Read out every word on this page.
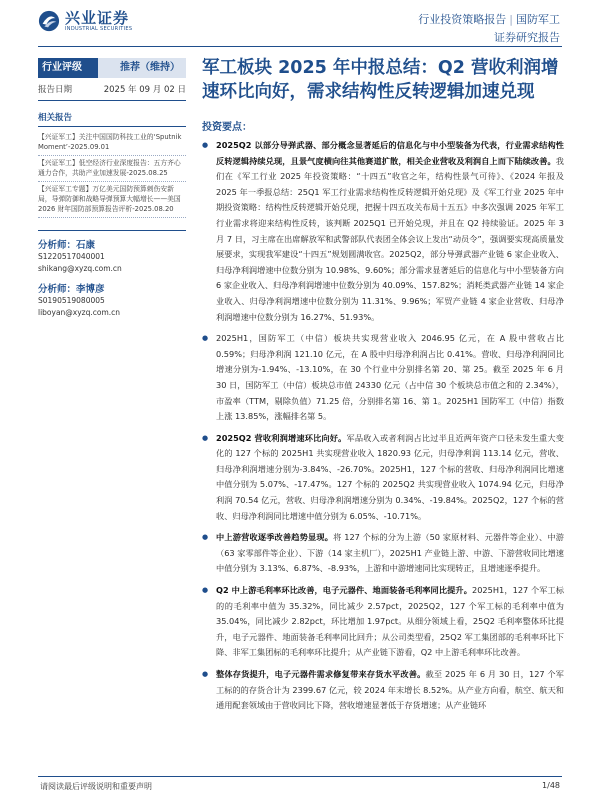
兴业证券
INDUSTRIAL SECURITIES
行业投资策略报告 | 国防军工
证券研究报告
行业评级	推荐（维持）
报告日期	2025 年 09 月 02 日
相关报告
【兴证军工】关注中国国防科技工业的‘Sputnik Moment’-2025.09.01
【兴证军工】低空经济行业深度报告：五方齐心通力合作，共助产业加速发展-2025.08.25
【兴证军工专题】万亿美元国防预算刺伤安新局，导弹防御和战略导弹预算大幅增长——美国 2026 财年国防部预算报告评析-2025.08.20
分析师：石康
S1220517040001
shikang@xyzq.com.cn
分析师：李博彦
S0190519080005
liboyan@xyzq.com.cn
军工板块 2025 年中报总结：Q2 营收利润增速环比向好，需求结构性反转逻辑加速兑现
投资要点：
● 2025Q2 以部分导弹武器、部分概念显著延后的信息化与中小型装备为代表，行业需求结构性反转逻辑持续兑现，且景气度横向往其他赛道扩散，相关企业营收及利润自上而下陆续改善。我们在《军工行业 2025 年投资策略：“十四五”收官之年，结构性景气可待》、《2024 年报及 2025 年一季报总结：25Q1 军工行业需求结构性反转逻辑开始兑现》及《军工行业 2025 年中期投资策略：结构性反转逻辑开始兑现，把握十四五攻关布局十五五》中多次强调 2025 年军工行业需求将迎来结构性反转，该判断 2025Q1 已开始兑现，并且在 Q2 持续验证。2025 年 3 月 7 日，习主席在出席解放军和武警部队代表团全体会议上发出“动员令”，强调要实现高质量发展要求，实现我军建设“十四五”规划圆满收官。2025Q2，部分导弹武器产业链 6 家企业收入、归母净利润增速中位数分别为 10.98%、9.60%；部分需求显著延后的信息化与中小型装备方向 6 家企业收入、归母净利润增速中位数分别为 40.09%、157.82%；消耗类武器产业链 14 家企业收入、归母净利润增速中位数分别为 11.31%、9.96%；军贸产业链 4 家企业营收、归母净利润增速中位数分别为 16.27%、51.93%。
● 2025H1，国防军工（中信）板块共实现营业收入 2046.95 亿元，在 A 股中营收占比 0.59%；归母净利润 121.10 亿元，在 A 股中归母净利润占比 0.41%。营收、归母净利润同比增速分别为-1.94%、-13.10%，在 30 个行业中分别排名第 20、第 25。截至 2025 年 6 月 30 日，国防军工（中信）板块总市值 24330 亿元（占中信 30 个板块总市值之和的 2.34%），市盈率（TTM，剔除负值）71.25 倍，分别排名第 16、第 1。2025H1 国防军工（中信）指数上涨 13.85%，涨幅排名第 5。
● 2025Q2 营收利润增速环比向好。军品收入或者利润占比过半且近两年资产口径未发生重大变化的 127 个标的 2025H1 共实现营业收入 1820.93 亿元，归母净利润 113.14 亿元，营收、归母净利润增速分别为-3.84%、-26.70%。2025H1，127 个标的营收、归母净利润同比增速中值分别为 5.07%、-17.47%。127 个标的 2025Q2 共实现营业收入 1074.94 亿元，归母净利润 70.54 亿元，营收、归母净利润增速分别为 0.34%、-19.84%。2025Q2，127 个标的营收、归母净利润同比增速中值分别为 6.05%、-10.71%。
● 中上游营收逐季改善趋势显现。将 127 个标的分为上游（50 家原材料、元器件等企业）、中游（63 家零部件等企业）、下游（14 家主机厂），2025H1 产业链上游、中游、下游营收同比增速中值分别为 3.13%、6.87%、-8.93%，上游和中游增速同比实现转正，且增速逐季提升。
● Q2 中上游毛利率环比改善，电子元器件、地面装备毛利率同比提升。2025H1，127 个军工标的的毛利率中值为 35.32%，同比减少 2.57pct，2025Q2，127 个军工标的毛利率中值为 35.04%，同比减少 2.82pct，环比增加 1.97pct。从细分领域上看，25Q2 毛利率整体环比提升，电子元器件、地面装备毛利率同比回升；从公司类型看，25Q2 军工集团部的毛利率环比下降、非军工集团标的毛利率环比提升；从产业链下游看，Q2 中上游毛利率环比改善。
● 整体存货提升，电子元器件需求修复带来存货水平改善。截至 2025 年 6 月 30 日，127 个军工标的的存货合计为 2399.67 亿元，较 2024 年末增长 8.52%。从产业方向看，航空、航天和通用配套领域由于营收同比下降，营收增速显著低于存货增速；从产业链环
请阅读最后评级说明和重要声明	1/48
